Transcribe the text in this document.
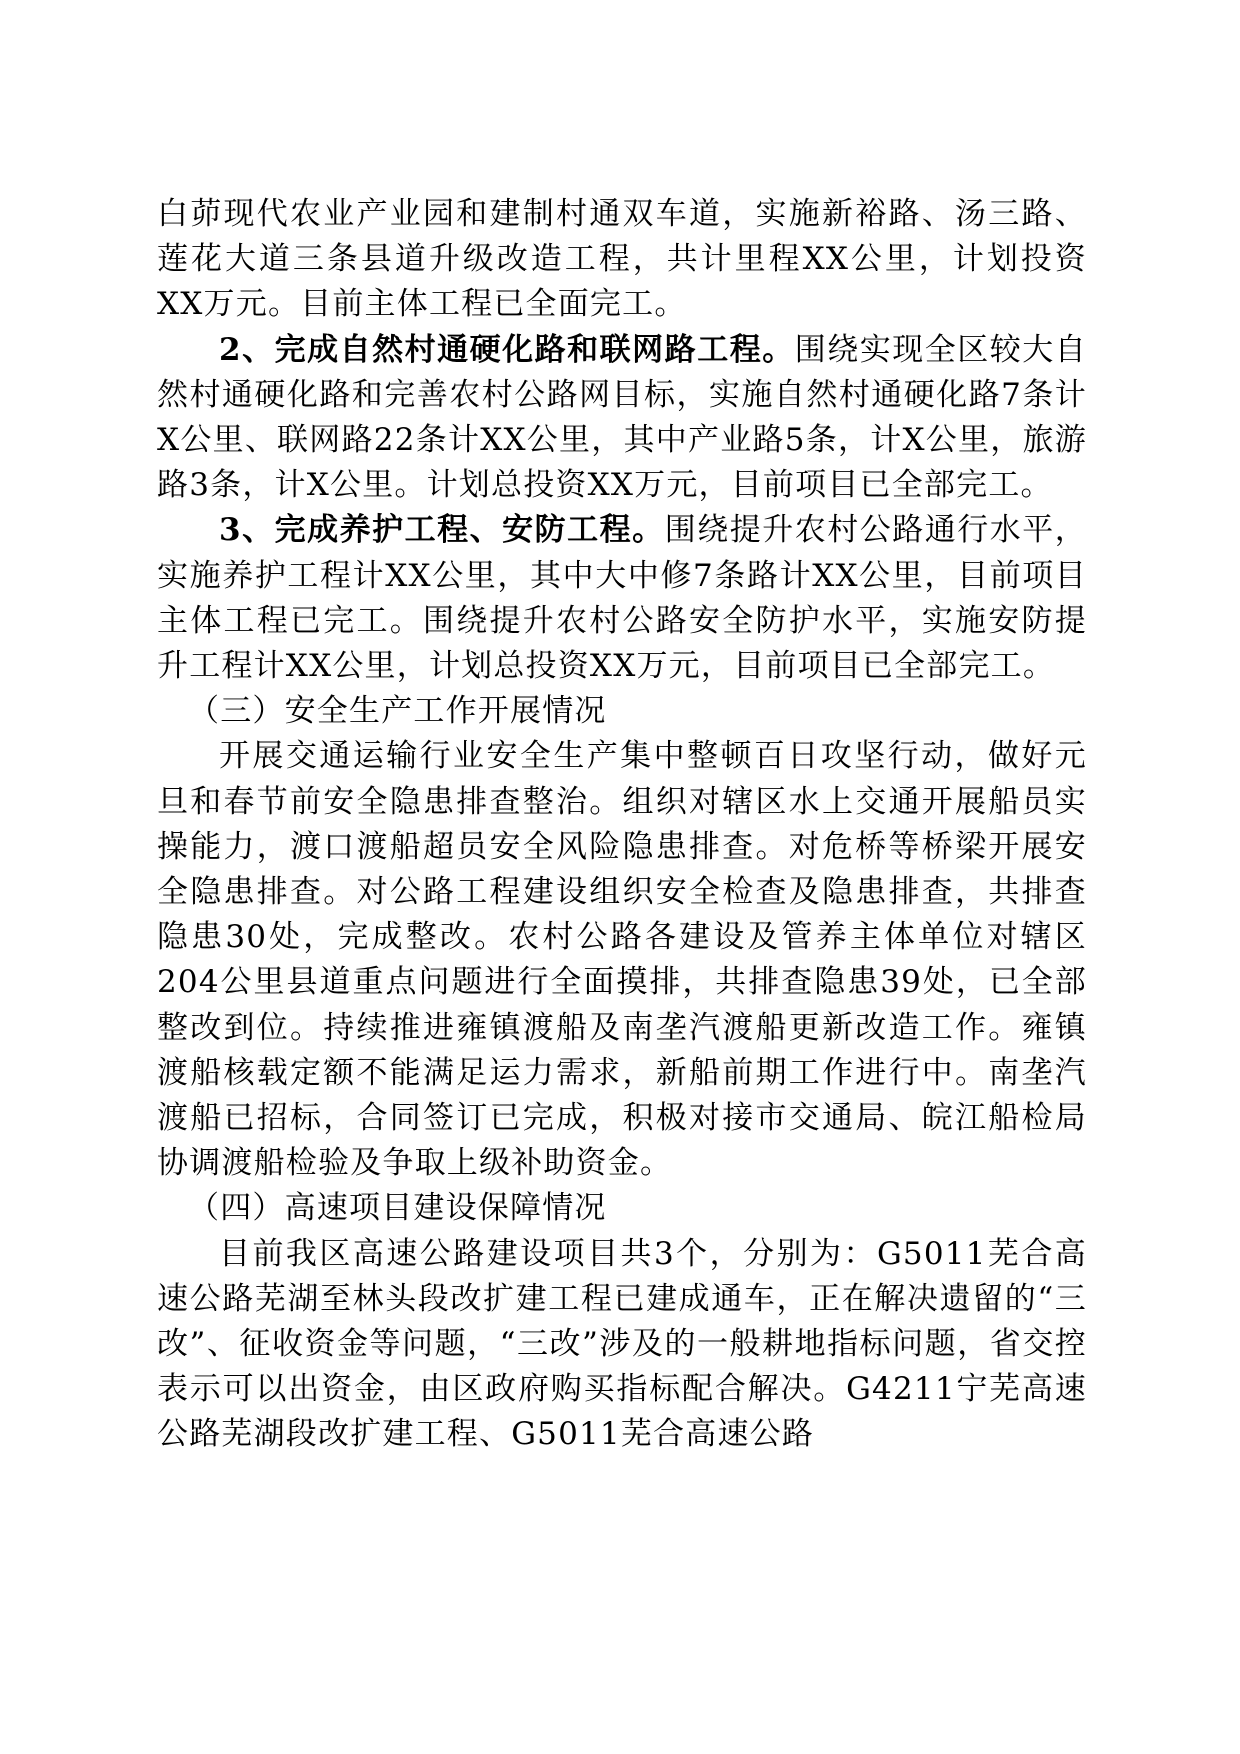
白茆现代农业产业园和建制村通双车道，实施新裕路、汤三路、莲花大道三条县道升级改造工程，共计里程XX公里，计划投资XX万元。目前主体工程已全面完工。

2、完成自然村通硬化路和联网路工程。围绕实现全区较大自然村通硬化路和完善农村公路网目标，实施自然村通硬化路7条计X公里、联网路22条计XX公里，其中产业路5条，计X公里，旅游路3条，计X公里。计划总投资XX万元，目前项目已全部完工。

3、完成养护工程、安防工程。围绕提升农村公路通行水平，实施养护工程计XX公里，其中大中修7条路计XX公里，目前项目主体工程已完工。围绕提升农村公路安全防护水平，实施安防提升工程计XX公里，计划总投资XX万元，目前项目已全部完工。

（三）安全生产工作开展情况

开展交通运输行业安全生产集中整顿百日攻坚行动，做好元旦和春节前安全隐患排查整治。组织对辖区水上交通开展船员实操能力，渡口渡船超员安全风险隐患排查。对危桥等桥梁开展安全隐患排查。对公路工程建设组织安全检查及隐患排查，共排查隐患30处，完成整改。农村公路各建设及管养主体单位对辖区204公里县道重点问题进行全面摸排，共排查隐患39处，已全部整改到位。持续推进雍镇渡船及南垄汽渡船更新改造工作。雍镇渡船核载定额不能满足运力需求，新船前期工作进行中。南垄汽渡船已招标，合同签订已完成，积极对接市交通局、皖江船检局协调渡船检验及争取上级补助资金。

（四）高速项目建设保障情况

目前我区高速公路建设项目共3个，分别为：G5011芜合高速公路芜湖至林头段改扩建工程已建成通车，正在解决遗留的“三改”、征收资金等问题，“三改”涉及的一般耕地指标问题，省交控表示可以出资金，由区政府购买指标配合解决。G4211宁芜高速公路芜湖段改扩建工程、G5011芜合高速公路
